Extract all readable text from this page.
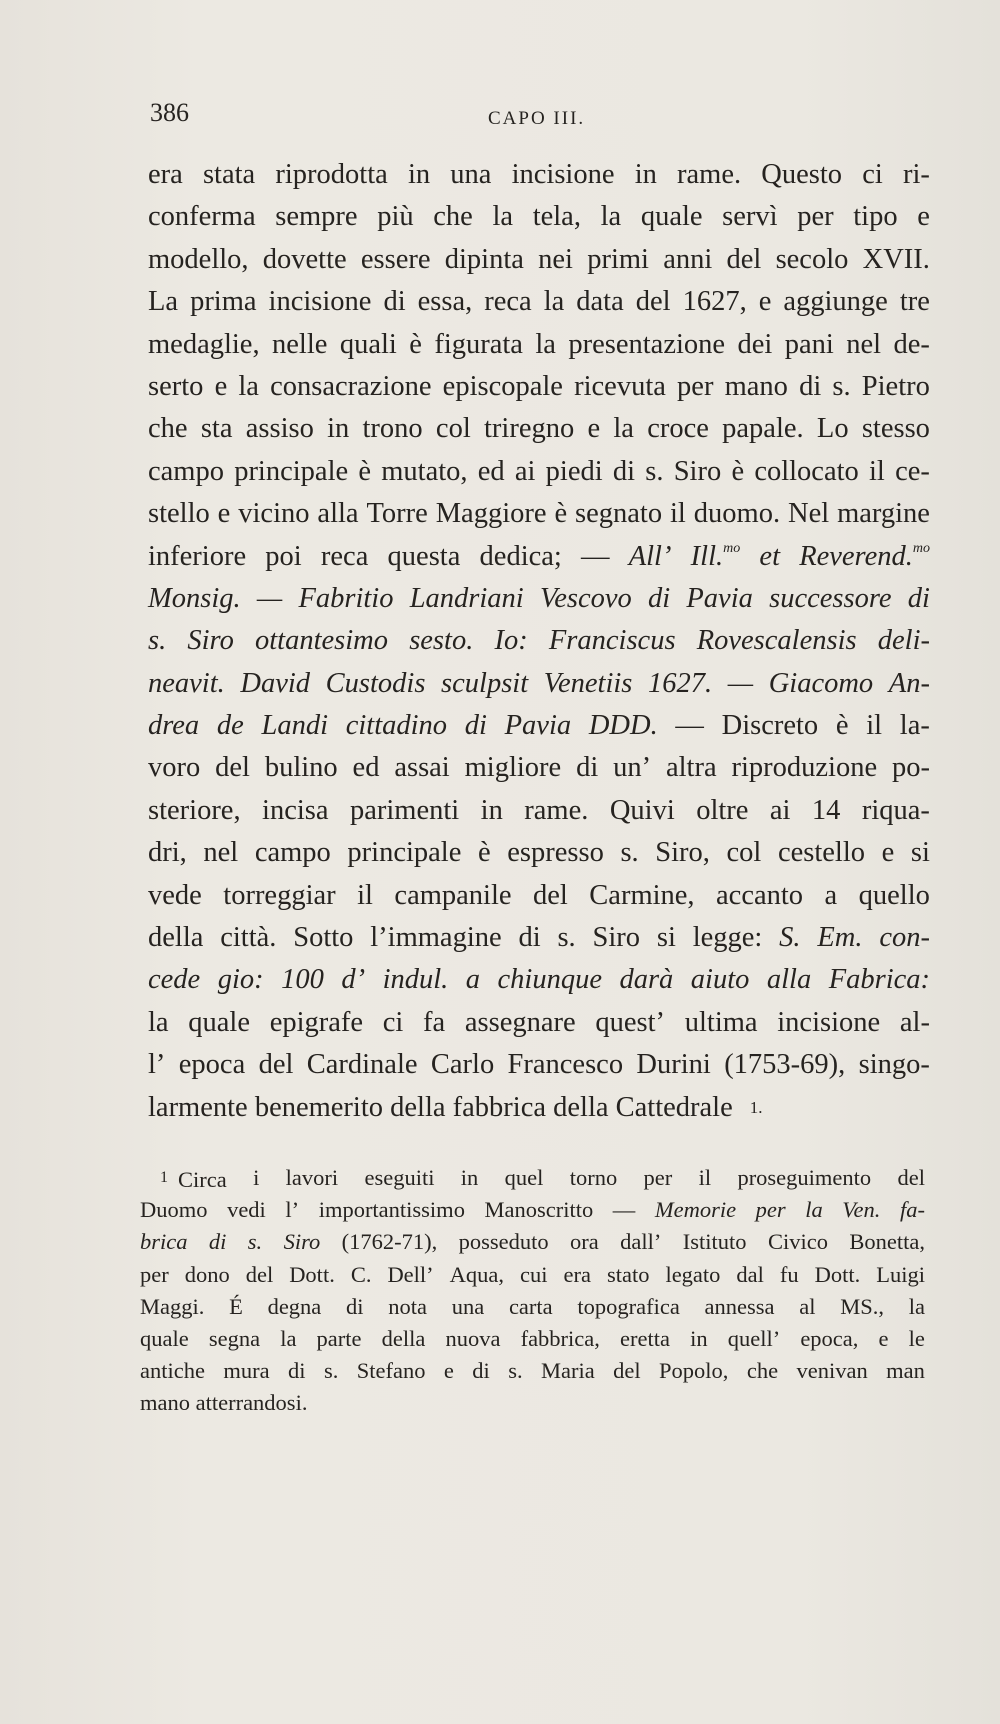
386	CAPO III.
era stata riprodotta in una incisione in rame. Questo ci ri-
conferma sempre più che la tela, la quale servì per tipo e
modello, dovette essere dipinta nei primi anni del secolo XVII.
La prima incisione di essa, reca la data del 1627, e aggiunge tre
medaglie, nelle quali è figurata la presentazione dei pani nel de-
serto e la consacrazione episcopale ricevuta per mano di s. Pietro
che sta assiso in trono col triregno e la croce papale. Lo stesso
campo principale è mutato, ed ai piedi di s. Siro è collocato il ce-
stello e vicino alla Torre Maggiore è segnato il duomo. Nel margine
inferiore poi reca questa dedica; — All’ Ill.$^{mo}$ et Reverend.$^{mo}$
Monsig. — Fabritio Landriani Vescovo di Pavia successore di
s. Siro ottantesimo sesto. Io: Franciscus Rovescalensis deli-
neavit. David Custodis sculpsit Venetiis 1627. — Giacomo An-
drea de Landi cittadino di Pavia DDD. — Discreto è il la-
voro del bulino ed assai migliore di un’ altra riproduzione po-
steriore, incisa parimenti in rame. Quivi oltre ai 14 riqua-
dri, nel campo principale è espresso s. Siro, col cestello e si
vede torreggiar il campanile del Carmine, accanto a quello
della città. Sotto l’immagine di s. Siro si legge: S. Em. con-
cede gio: 100 d’ indul. a chiunque darà aiuto alla Fabrica:
la quale epigrafe ci fa assegnare quest’ ultima incisione al-
l’ epoca del Cardinale Carlo Francesco Durini (1753-69), singo-
larmente benemerito della fabbrica della Cattedrale 1.
$^1$ Circa i lavori eseguiti in quel torno per il proseguimento del
Duomo vedi l’ importantissimo Manoscritto — Memorie per la Ven. fa-
brica di s. Siro (1762-71), posseduto ora dall’ Istituto Civico Bonetta,
per dono del Dott. C. Dell’ Aqua, cui era stato legato dal fu Dott. Luigi
Maggi. É degna di nota una carta topografica annessa al MS., la
quale segna la parte della nuova fabbrica, eretta in quell’ epoca, e le
antiche mura di s. Stefano e di s. Maria del Popolo, che venivan man
mano atterrandosi.
